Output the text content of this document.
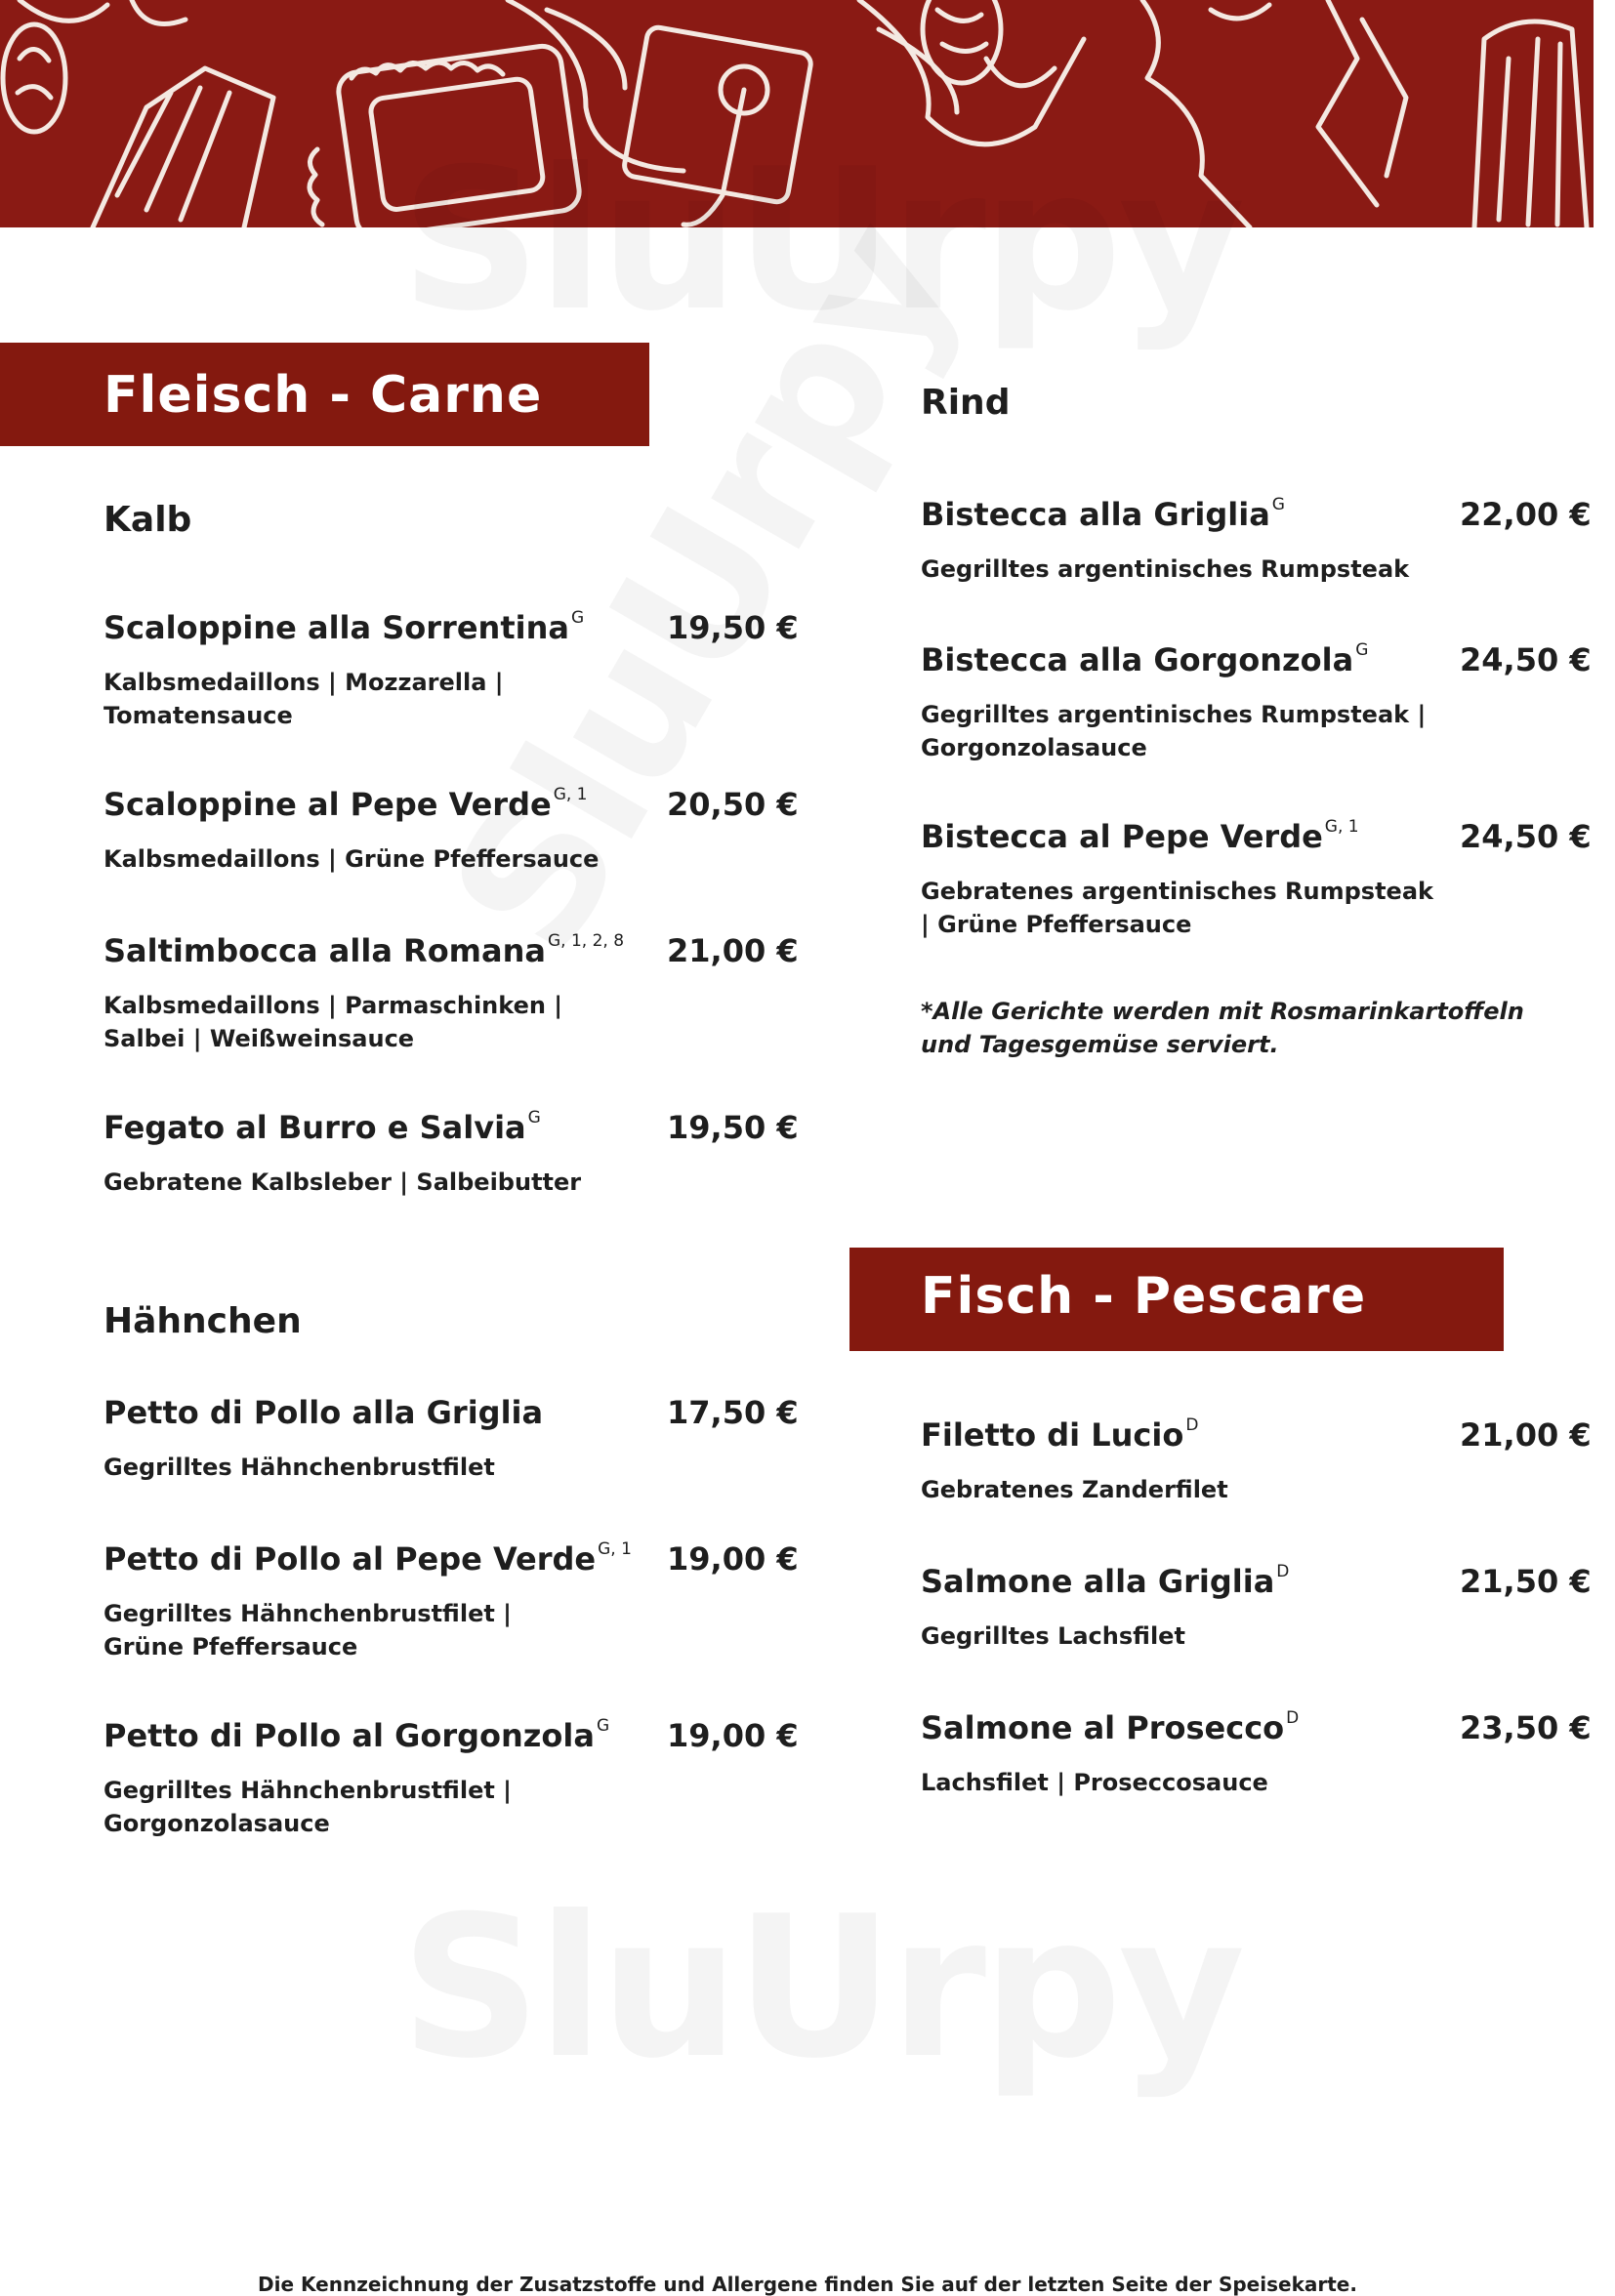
Fleisch - Carne
Kalb
Scaloppine alla Sorrentina $^G$
Kalbsmedaillons | Mozzarella | Tomatensauce
19,50 €
Scaloppine al Pepe Verde $^{G, 1}$
Kalbsmedaillons | Grüne Pfeffersauce
20,50 €
Saltimbocca alla Romana $^{G, 1, 2, 8}$
Kalbsmedaillons | Parmaschinken | Salbei | Weißweinsauce
21,00 €
Fegato al Burro e Salvia $^G$
Gebratene Kalbsleber | Salbeibutter
19,50 €
Hähnchen
Petto di Pollo alla Griglia
Gegrilltes Hähnchenbrustfilet
17,50 €
Petto di Pollo al Pepe Verde $^{G, 1}$
Gegrilltes Hähnchenbrustfilet | Grüne Pfeffersauce
19,00 €
Petto di Pollo al Gorgonzola $^G$
Gegrilltes Hähnchenbrustfilet | Gorgonzolasauce
19,00 €
Rind
Bistecca alla Griglia $^G$
Gegrilltes argentinisches Rumpsteak
22,00 €
Bistecca alla Gorgonzola $^G$
Gegrilltes argentinisches Rumpsteak | Gorgonzolasauce
24,50 €
Bistecca al Pepe Verde $^{G, 1}$
Gebratenes argentinisches Rumpsteak | Grüne Pfeffersauce
24,50 €
*Alle Gerichte werden mit Rosmarinkartoffeln und Tagesgemüse serviert.
Fisch - Pescare
Filetto di Lucio $^D$
Gebratenes Zanderfilet
21,00 €
Salmone alla Griglia $^D$
Gegrilltes Lachsfilet
21,50 €
Salmone al Prosecco $^D$
Lachsfilet | Proseccosauce
23,50 €
Die Kennzeichnung der Zusatzstoffe und Allergene finden Sie auf der letzten Seite der Speisekarte.
